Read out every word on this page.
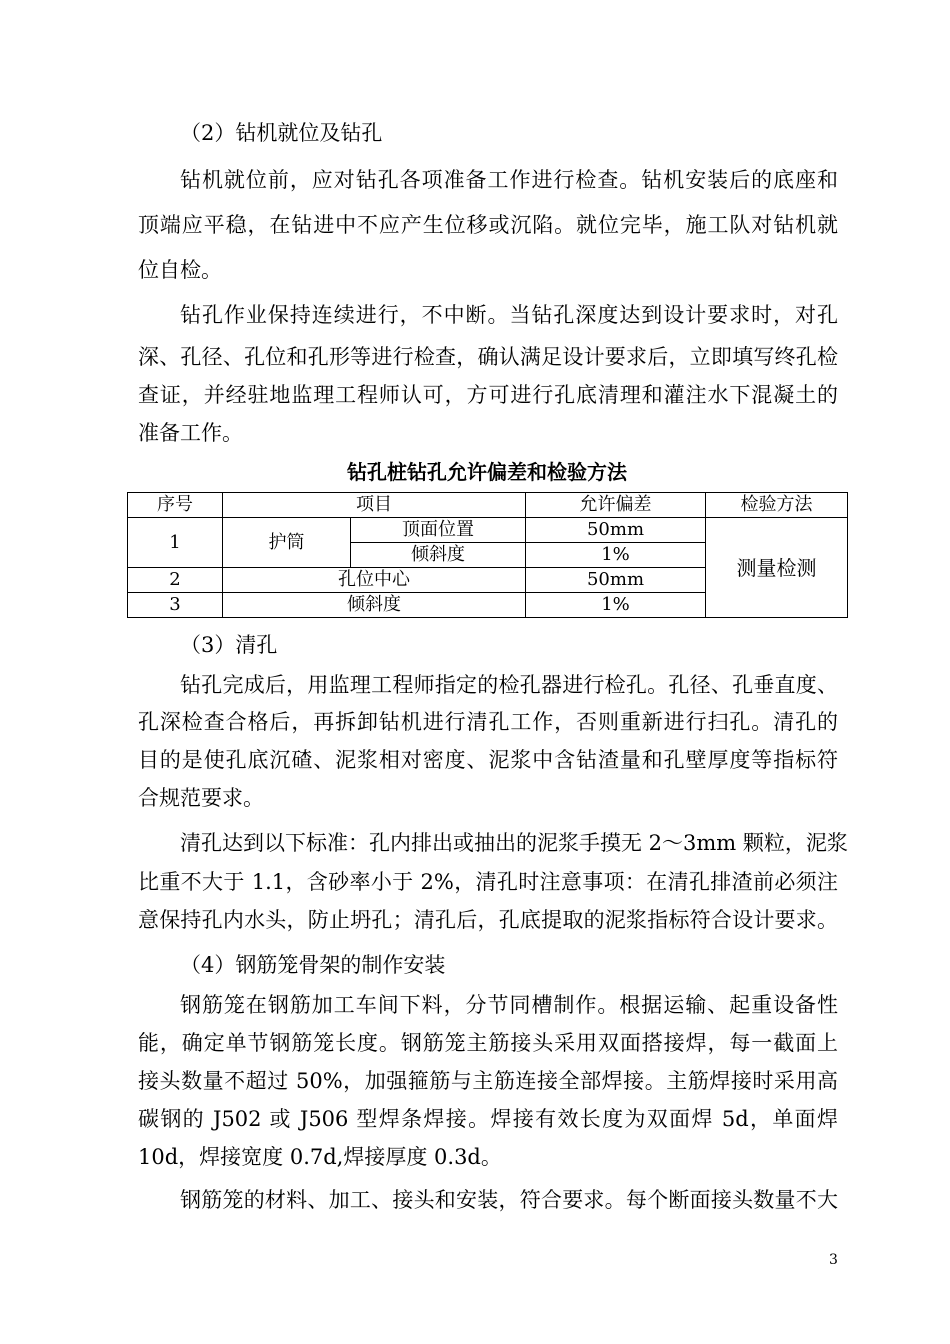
（2）钻机就位及钻孔
钻机就位前，应对钻孔各项准备工作进行检查。钻机安装后的底座和
顶端应平稳，在钻进中不应产生位移或沉陷。就位完毕，施工队对钻机就
位自检。
钻孔作业保持连续进行，不中断。当钻孔深度达到设计要求时，对孔
深、孔径、孔位和孔形等进行检查，确认满足设计要求后，立即填写终孔检
查证，并经驻地监理工程师认可，方可进行孔底清理和灌注水下混凝土的
准备工作。
钻孔桩钻孔允许偏差和检验方法
序号	项目		允许偏差	检验方法
1	护筒	顶面位置	50mm	测量检测
		倾斜度	1%	
2	孔位中心		50mm	
3	倾斜度		1%	
（3）清孔
钻孔完成后，用监理工程师指定的检孔器进行检孔。孔径、孔垂直度、
孔深检查合格后，再拆卸钻机进行清孔工作，否则重新进行扫孔。清孔的
目的是使孔底沉碴、泥浆相对密度、泥浆中含钻渣量和孔壁厚度等指标符
合规范要求。
清孔达到以下标准：孔内排出或抽出的泥浆手摸无 2～3mm 颗粒，泥浆
比重不大于 1.1，含砂率小于 2%，清孔时注意事项：在清孔排渣前必须注
意保持孔内水头，防止坍孔；清孔后，孔底提取的泥浆指标符合设计要求。
（4）钢筋笼骨架的制作安装
钢筋笼在钢筋加工车间下料，分节同槽制作。根据运输、起重设备性
能，确定单节钢筋笼长度。钢筋笼主筋接头采用双面搭接焊，每一截面上
接头数量不超过 50%，加强箍筋与主筋连接全部焊接。主筋焊接时采用高
碳钢的 J502 或 J506 型焊条焊接。焊接有效长度为双面焊 5d，单面焊
10d，焊接宽度 0.7d,焊接厚度 0.3d。
钢筋笼的材料、加工、接头和安装，符合要求。每个断面接头数量不大
3
